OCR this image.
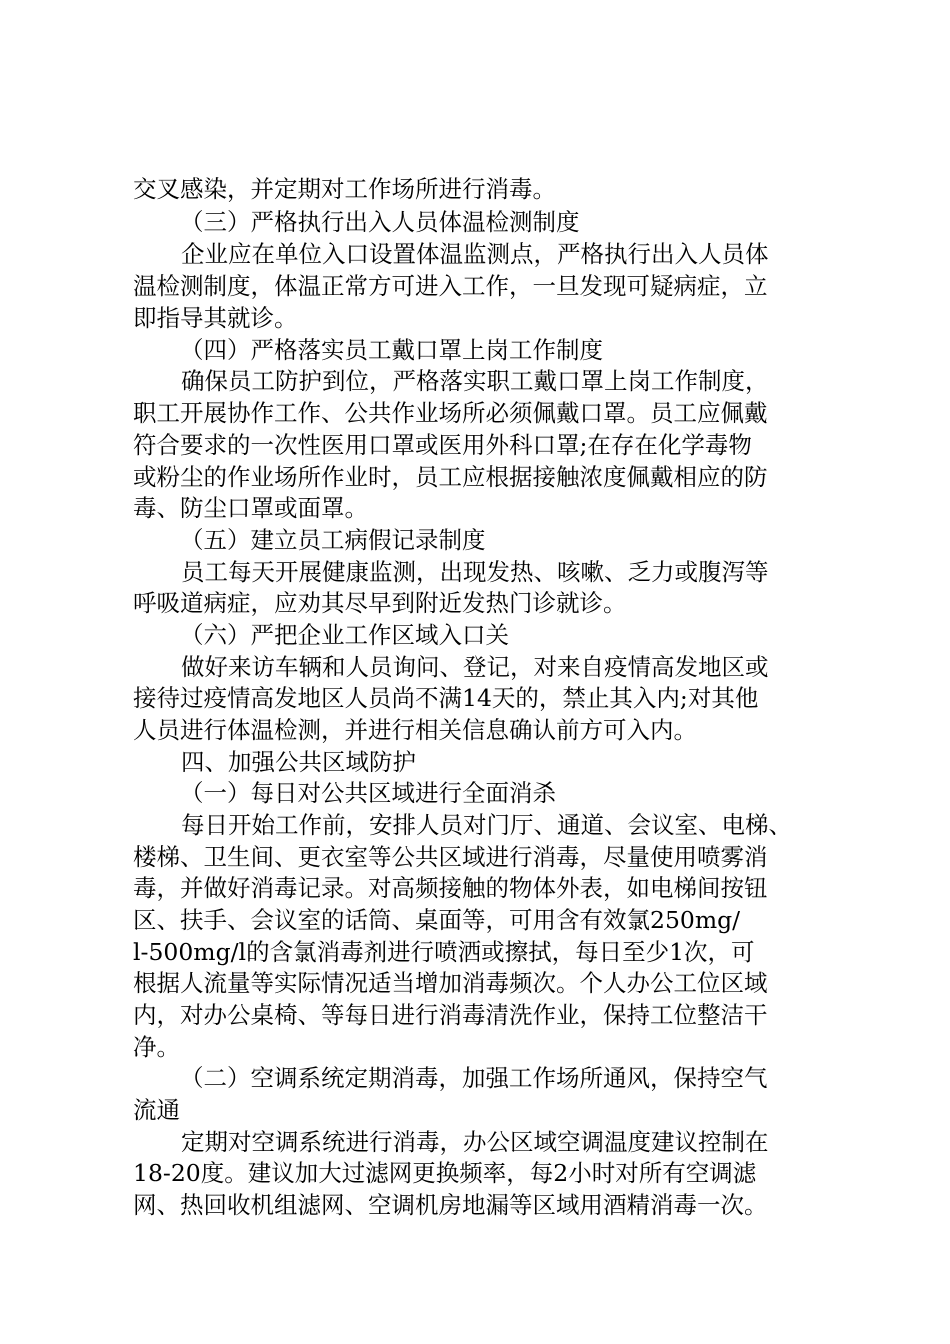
交叉感染，并定期对工作场所进行消毒。
（三）严格执行出入人员体温检测制度
企业应在单位入口设置体温监测点，严格执行出入人员体
温检测制度，体温正常方可进入工作，一旦发现可疑病症，立
即指导其就诊。
（四）严格落实员工戴口罩上岗工作制度
确保员工防护到位，严格落实职工戴口罩上岗工作制度，
职工开展协作工作、公共作业场所必须佩戴口罩。员工应佩戴
符合要求的一次性医用口罩或医用外科口罩;在存在化学毒物
或粉尘的作业场所作业时，员工应根据接触浓度佩戴相应的防
毒、防尘口罩或面罩。
（五）建立员工病假记录制度
员工每天开展健康监测，出现发热、咳嗽、乏力或腹泻等
呼吸道病症，应劝其尽早到附近发热门诊就诊。
（六）严把企业工作区域入口关
做好来访车辆和人员询问、登记，对来自疫情高发地区或
接待过疫情高发地区人员尚不满14天的，禁止其入内;对其他
人员进行体温检测，并进行相关信息确认前方可入内。
四、加强公共区域防护
（一）每日对公共区域进行全面消杀
每日开始工作前，安排人员对门厅、通道、会议室、电梯、
楼梯、卫生间、更衣室等公共区域进行消毒，尽量使用喷雾消
毒，并做好消毒记录。对高频接触的物体外表，如电梯间按钮
区、扶手、会议室的话筒、桌面等，可用含有效氯250mg/
l-500mg/l的含氯消毒剂进行喷洒或擦拭，每日至少1次，可
根据人流量等实际情况适当增加消毒频次。个人办公工位区域
内，对办公桌椅、等每日进行消毒清洗作业，保持工位整洁干
净。
（二）空调系统定期消毒，加强工作场所通风，保持空气
流通
定期对空调系统进行消毒，办公区域空调温度建议控制在
18-20度。建议加大过滤网更换频率，每2小时对所有空调滤
网、热回收机组滤网、空调机房地漏等区域用酒精消毒一次。
